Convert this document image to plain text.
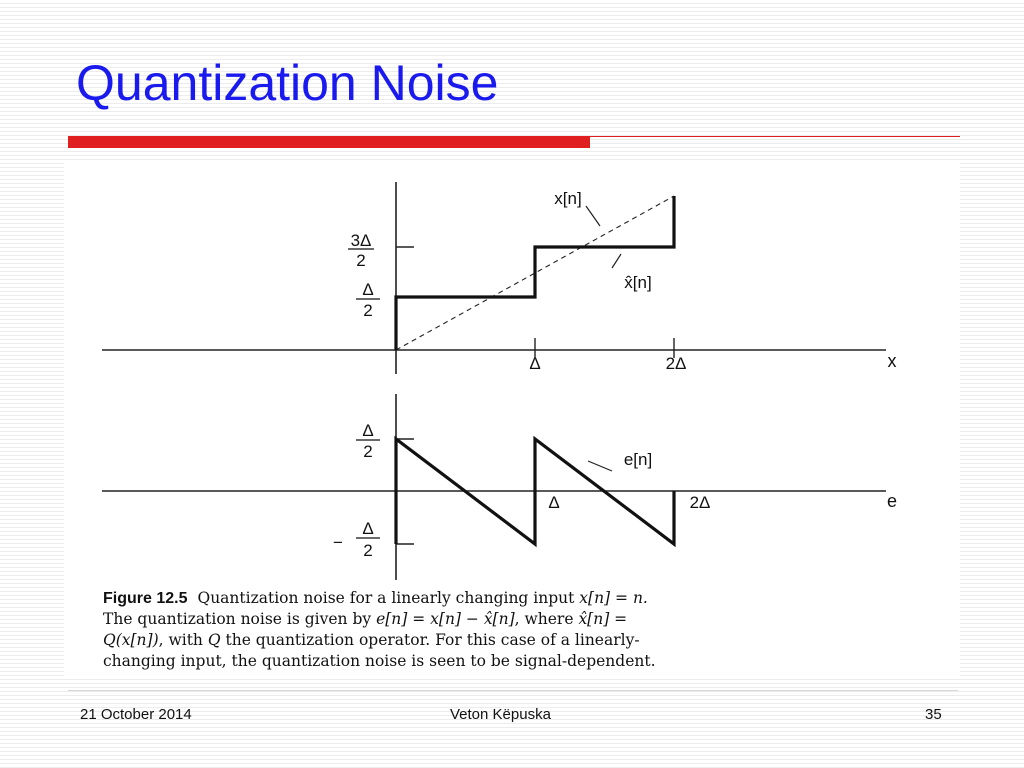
Quantization Noise
3Δ
2
Δ
2
Δ	2Δ	x
x[n]
x̂[n]
Δ
2
−
Δ
2
Δ	2Δ	e
e[n]

Figure 12.5 Quantization noise for a linearly changing input x[n] = n.
The quantization noise is given by e[n] = x[n] − x̂[n], where x̂[n] =
Q(x[n]), with Q the quantization operator. For this case of a linearly-
changing input, the quantization noise is seen to be signal-dependent.

21 October 2014	Veton Këpuska	35
